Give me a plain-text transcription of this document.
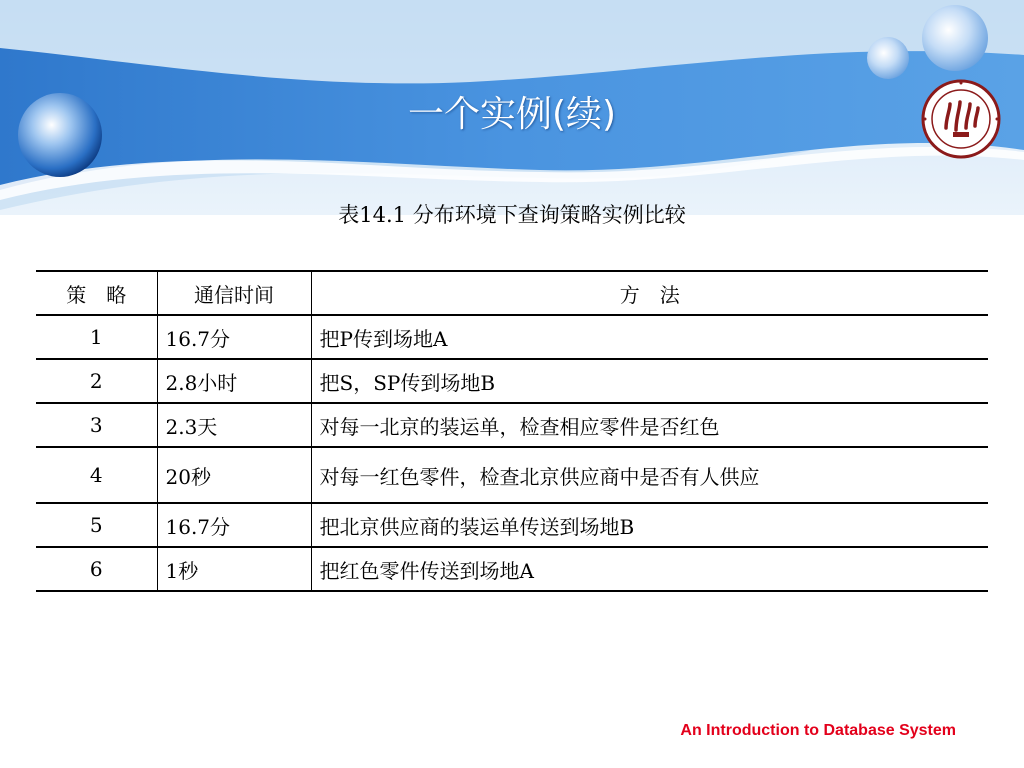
一个实例(续)
表14.1 分布环境下查询策略实例比较
策　略	通信时间	方　法
1	16.7分	把P传到场地A
2	2.8小时	把S，SP传到场地B
3	2.3天	对每一北京的装运单，检查相应零件是否红色
4	20秒	对每一红色零件，检查北京供应商中是否有人供应
5	16.7分	把北京供应商的装运单传送到场地B
6	1秒	把红色零件传送到场地A
An Introduction to Database System
